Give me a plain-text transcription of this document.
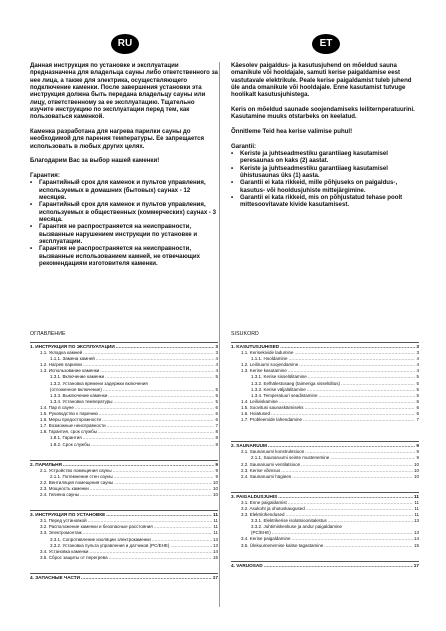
RU	ET

Данная инструкция по установке и эксплуатации предназначена для владельца сауны либо ответственного за нее лица, а также для электрика, осуществляющего подключение каменки. После завершения установки эта инструкция должна быть передана владельцу сауны или лицу, ответственному за ее эксплуатацию. Тщательно изучите инструкцию по эксплуатации перед тем, как пользоваться каменкой.

Каменка разработана для нагрева парилки сауны до необходимой для парения температуры. Ее запрещается использовать в любых других целях.

Благодарим Вас за выбор нашей каменки!

Гарантия:

• Гарантийный срок для каменок и пультов управления, используемых в домашних (бытовых) саунах - 12 месяцев.
• Гарантийный срок для каменок и пультов управления, используемых в общественных (коммерческих) саунах - 3 месяца.
• Гарантия не распространяется на неисправности, вызванные нарушением инструкции по установке и эксплуатации.
• Гарантия не распространяется на неисправности, вызванные использованием камней, не отвечающих рекомендациям изготовителя каменки.

Käesolev paigaldus- ja kasutusjuhend on mõeldud sauna omanikule või hooldajale, samuti kerise paigaldamise eest vastutavale elektrikule. Peale kerise paigaldamist tuleb juhend üle anda omanikule või hooldajale. Enne kasutamist tutvuge hoolikalt kasutusjuhistega.

Keris on mõeldud saunade soojendamiseks leiliternperatuurini. Kasutamine muuks otstarbeks on keelatud.

Õnnitleme Teid hea kerise valimise puhul!

Garantii:

• Keriste ja juhtseadmestiku garantiiaeg kasutamisel peresaunas on kaks (2) aastat.
• Keriste ja juhtseadmestiku garantiiaeg kasutamisel ühistusaunas üks (1) aasta.
• Garantii ei kata rikkeid, mille põhjuseks on paigaldus-, kasutus- või hooldusjuhiste mittejärgimine.
• Garantii ei kata rikkeid, mis on põhjustatud tehase poolt mittesoovitavate kivide kasutamisest.

ОГЛАВЛЕНИЕ

1. ИНСТРУКЦИЯ ПО ЭКСПЛУАТАЦИИ .....	3
1.1. Укладка камней .....	3
1.1.1. Замена камней .....	4
1.2. Нагрев парилки .....	4
1.3. Использование каменки .....	4
1.3.1. Включение каменки .....	5
1.3.2. Установка времени задержки включения
(отложенное включение) .....	5
1.3.3. Выключение каменки .....	5
1.3.4. Установка температуры .....	5
1.4. Пар в сауне .....	6
1.5. Руководство к парению .....	6
1.6. Меры предосторожности .....	6
1.7. Возможные неисправности .....	7
1.8. Гарантия, срок службы .....	8
1.8.1. Гарантия .....	8
1.8.2. Срок службы .....	8
2. ПАРИЛЬНЯ .....	9
2.1. Устройство помещения сауны .....	9
2.1.1. Потемнение стен сауны .....	9
2.2. Вентиляция помещения сауны .....	10
2.3. Мощность каменки .....	10
2.4. Гигиена сауны .....	10
3. ИНСТРУКЦИЯ ПО УСТАНОВКЕ .....	11
3.1. Перед установкой .....	11
3.2. Расположение каменки и безопасные расстояния .....	11
3.3. Электромонтаж .....	11
3.3.1. Сопротивление изоляции электрокаменки .....	13
3.3.2. Установка пульта управления и датчиков (PC/EHE) .....	13
3.4. Установка каменки .....	14
3.5. Сброс защиты от перегрева .....	15
4. ЗАПАСНЫЕ ЧАСТИ .....	17

SISUKORD

1. KASUTUSJUHISED .....	3
1.1. Kerisekivide ladumine .....	3
1.1.1. Hooldamine .....	4
1.2. Leiliruumi soojendamine .....	4
1.3. Kerise kasutamine .....	4
1.3.1. Kerise sisselülitamine .....	5
1.3.2. Eelhälestusaeg (taimeriga sisselülitus) .....	5
1.3.3. Kerise väljalülitamine .....	5
1.3.4. Temperatuuri seadistamine .....	5
1.4. Leiliviskamine .....	6
1.5. Soovitusi saunaskäimiseks .....	6
1.6. Hoiatused .....	6
1.7. Probleemide lahendamine .....	7
2. SAUNARUUM .....	9
2.1. Saunaruumi konstruktsioon .....	9
2.1.1. Saunaruumi seinte mustenemine .....	9
2.2. Saunaruumi ventilatsioon .....	10
2.3. Kerise võimsus .....	10
2.4. Saunaruumi hügieen .....	10
3. PAIGALDUSJUHIS .....	11
3.1. Enne paigaldamist .....	11
3.2. Asukoht ja ohutuskaugused .....	11
3.3. Elektriühendused .....	11
3.3.1. Elektrikerise isolatsioonitakistus .....	13
3.3.2. Juhtimiskeskuse ja andur paigaldamine
(PC/EHE) .....	13
3.4. Kerise paigaldamine .....	14
3.5. Ülekuumenemise kaitse tagastamine .....	15
4. VARUOSAD .....	17
